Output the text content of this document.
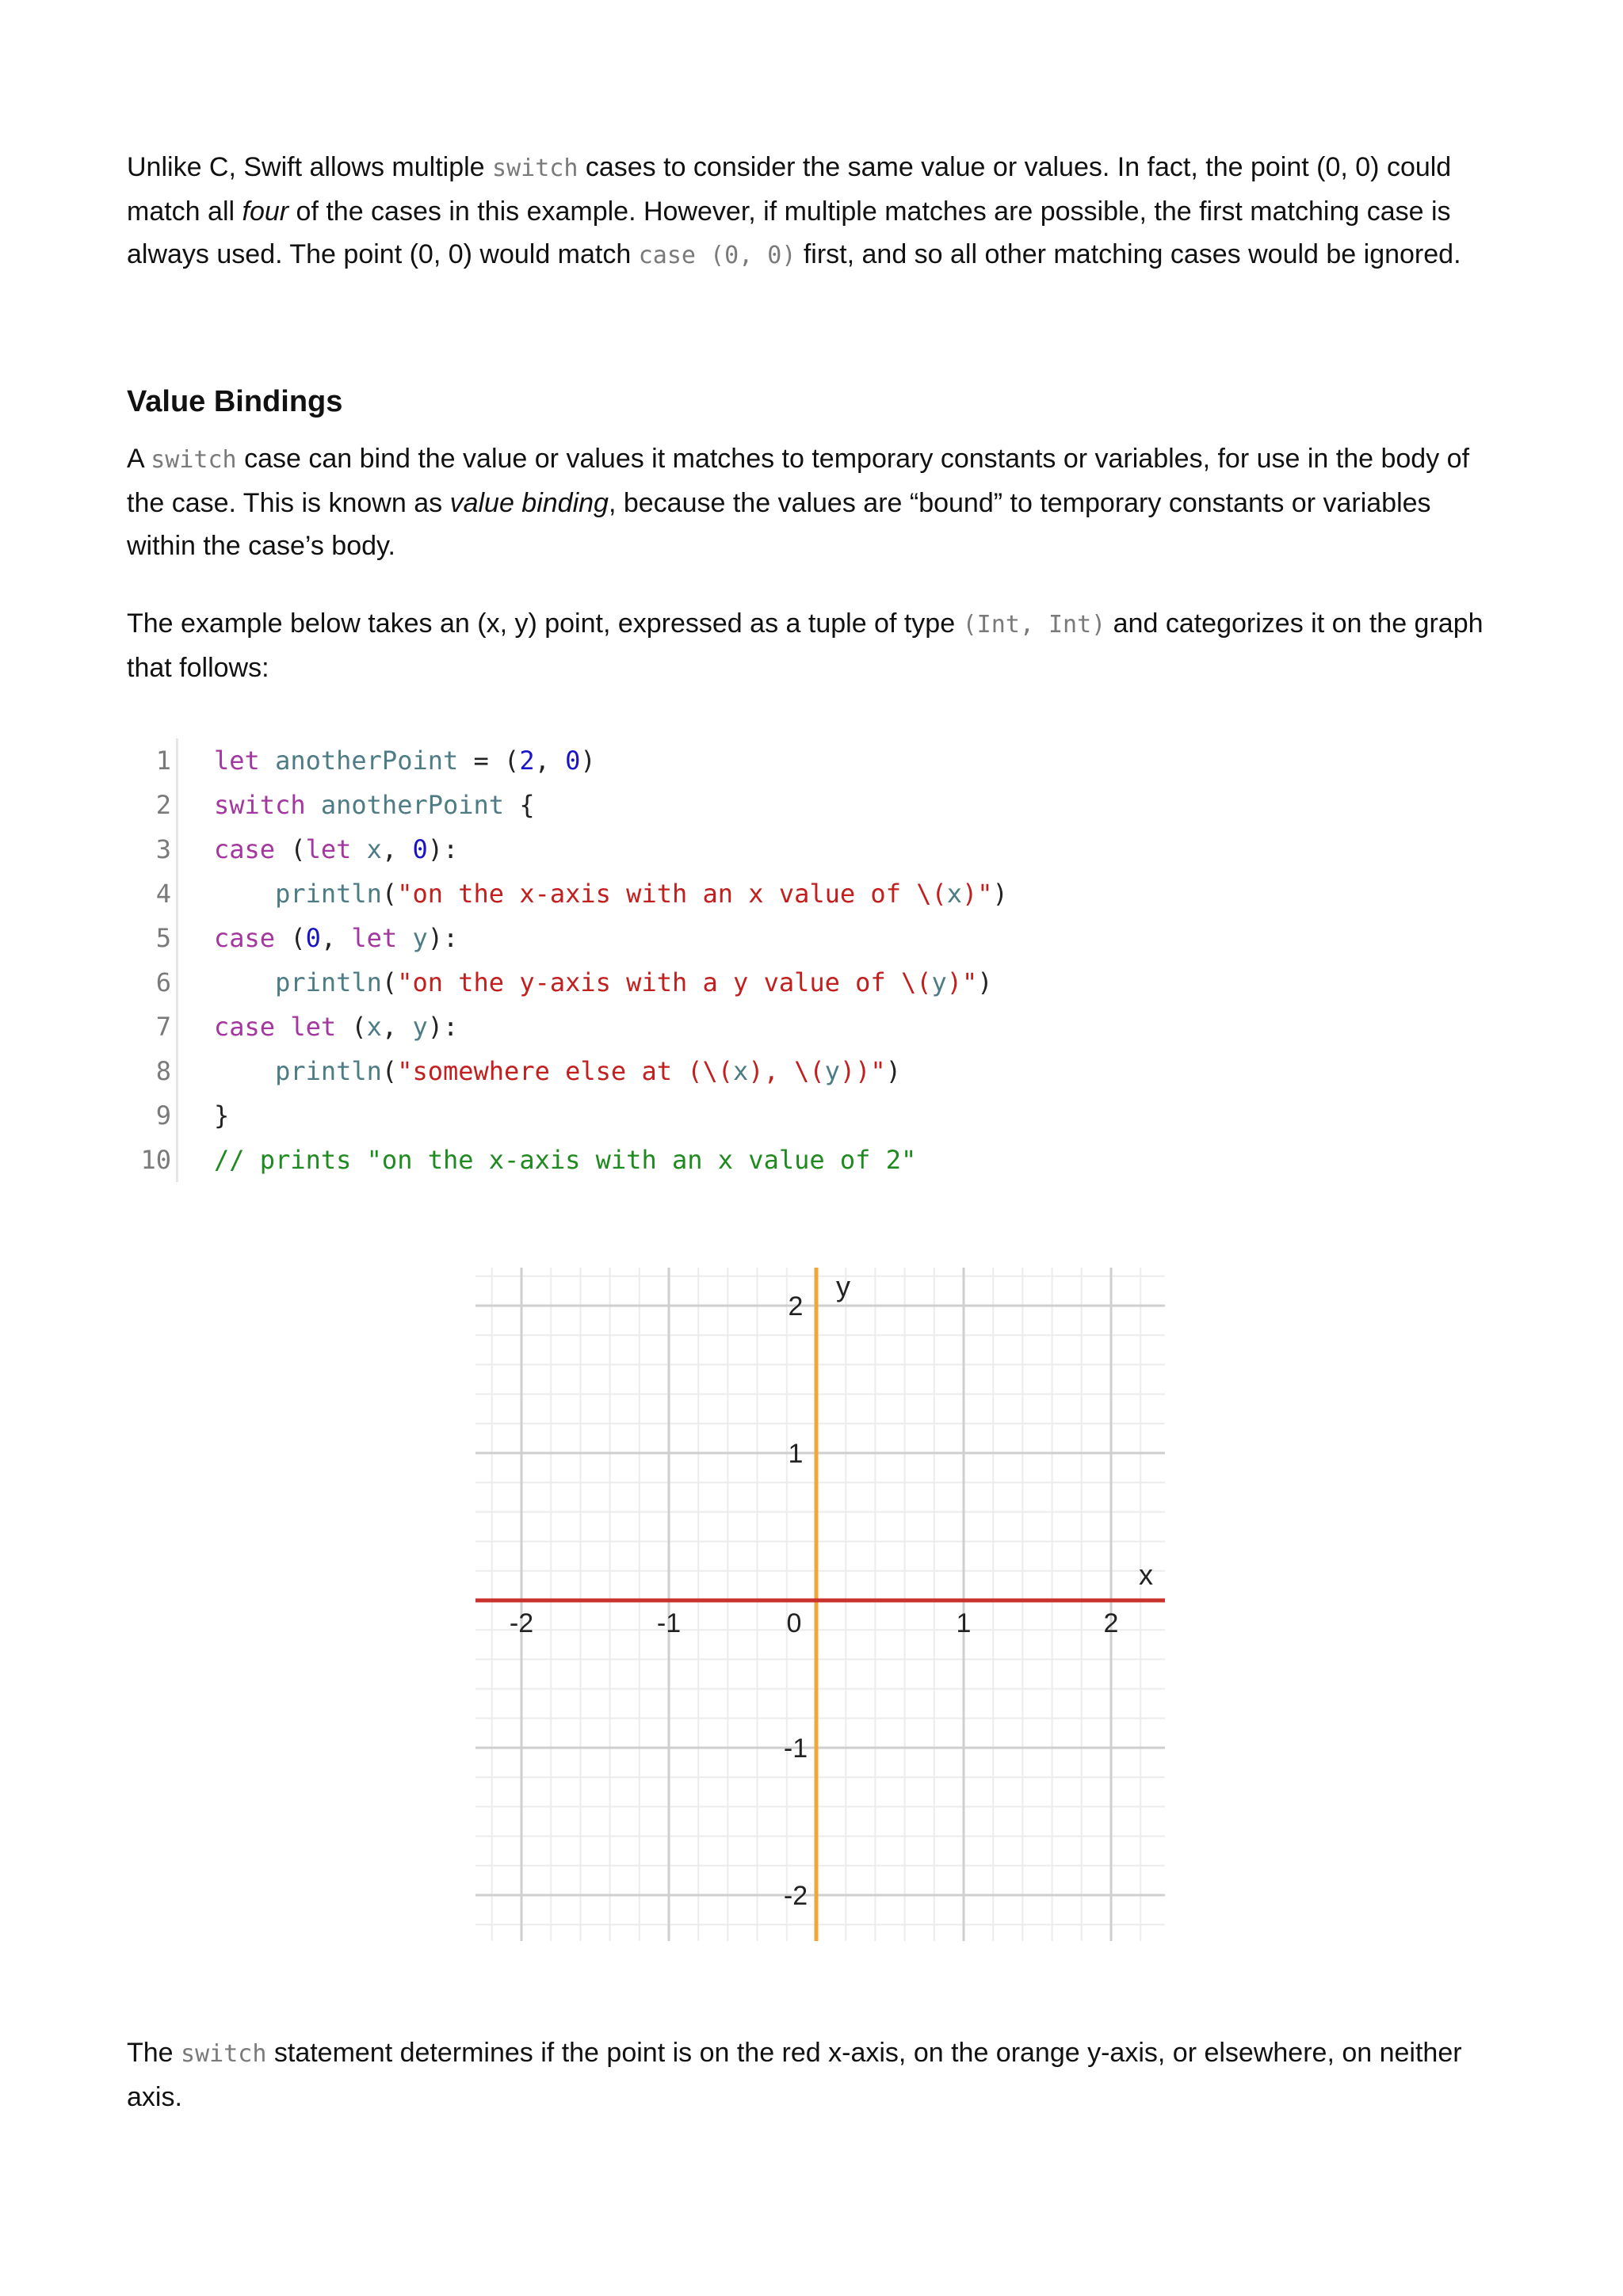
Unlike C, Swift allows multiple switch cases to consider the same value or values. In fact, the point (0, 0) could match all four of the cases in this example. However, if multiple matches are possible, the first matching case is always used. The point (0, 0) would match case (0, 0) first, and so all other matching cases would be ignored.

Value Bindings

A switch case can bind the value or values it matches to temporary constants or variables, for use in the body of the case. This is known as value binding, because the values are “bound” to temporary constants or variables within the case’s body.

The example below takes an (x, y) point, expressed as a tuple of type (Int, Int) and categorizes it on the graph that follows:

1 let anotherPoint = (2, 0)
2 switch anotherPoint {
3 case (let x, 0):
4	println("on the x-axis with an x value of \(x)")
5 case (0, let y):
6	println("on the y-axis with a y value of \(y)")
7 case let (x, y):
8	println("somewhere else at (\(x), \(y))")
9 }
10 // prints "on the x-axis with an x value of 2"
-2	-1	0	1	2
2
1
-1
-2
x
y

The switch statement determines if the point is on the red x-axis, on the orange y-axis, or elsewhere, on neither axis.
